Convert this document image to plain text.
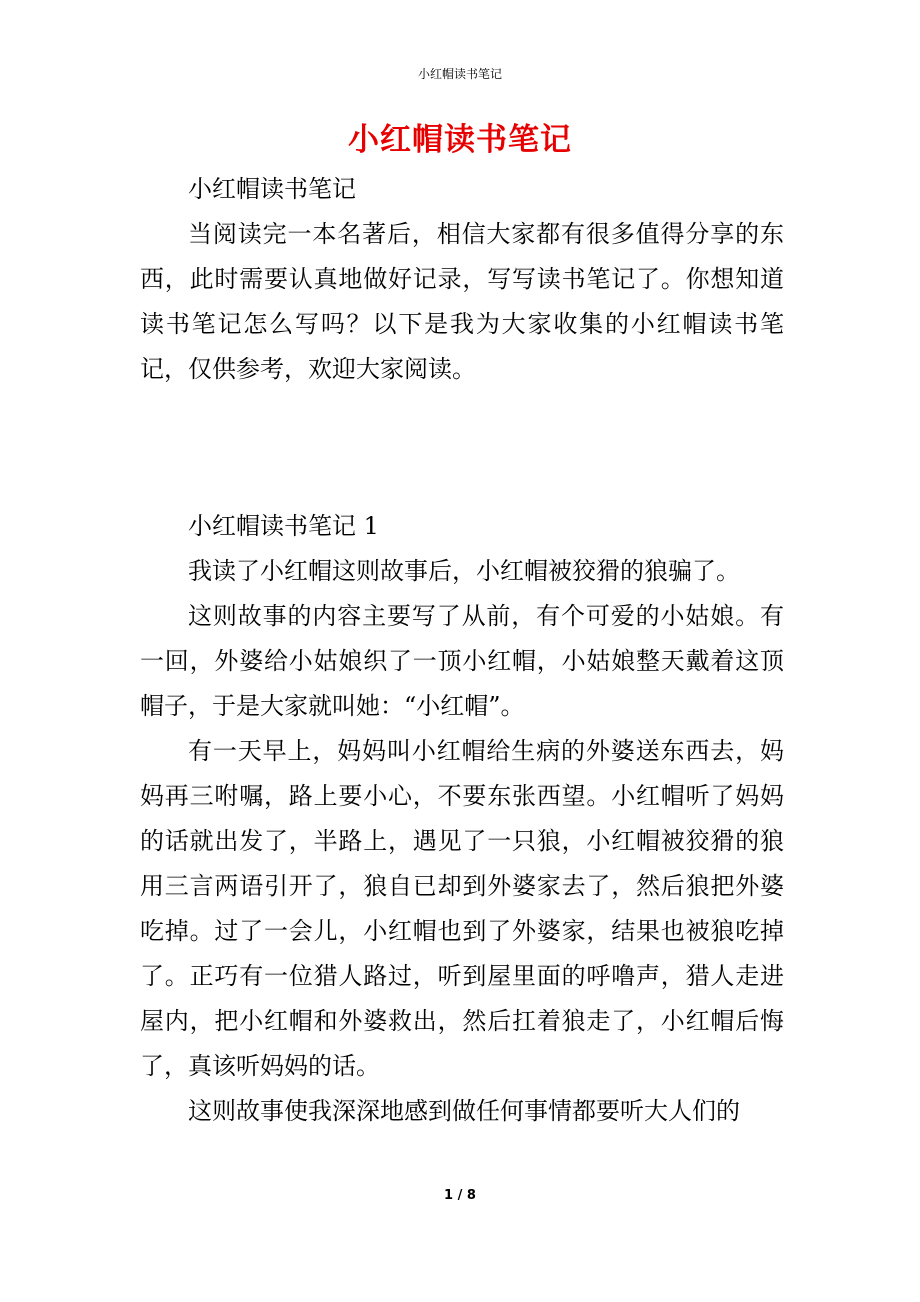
小红帽读书笔记
小红帽读书笔记

小红帽读书笔记

当阅读完一本名著后，相信大家都有很多值得分享的东西，此时需要认真地做好记录，写写读书笔记了。你想知道读书笔记怎么写吗？以下是我为大家收集的小红帽读书笔记，仅供参考，欢迎大家阅读。

小红帽读书笔记 1

我读了小红帽这则故事后，小红帽被狡猾的狼骗了。

这则故事的内容主要写了从前，有个可爱的小姑娘。有一回，外婆给小姑娘织了一顶小红帽，小姑娘整天戴着这顶帽子，于是大家就叫她：“小红帽”。

有一天早上，妈妈叫小红帽给生病的外婆送东西去，妈妈再三咐嘱，路上要小心，不要东张西望。小红帽听了妈妈的话就出发了，半路上，遇见了一只狼，小红帽被狡猾的狼用三言两语引开了，狼自已却到外婆家去了，然后狼把外婆吃掉。过了一会儿，小红帽也到了外婆家，结果也被狼吃掉了。正巧有一位猎人路过，听到屋里面的呼噜声，猎人走进屋内，把小红帽和外婆救出，然后扛着狼走了，小红帽后悔了，真该听妈妈的话。

这则故事使我深深地感到做任何事情都要听大人们的

1 / 8
